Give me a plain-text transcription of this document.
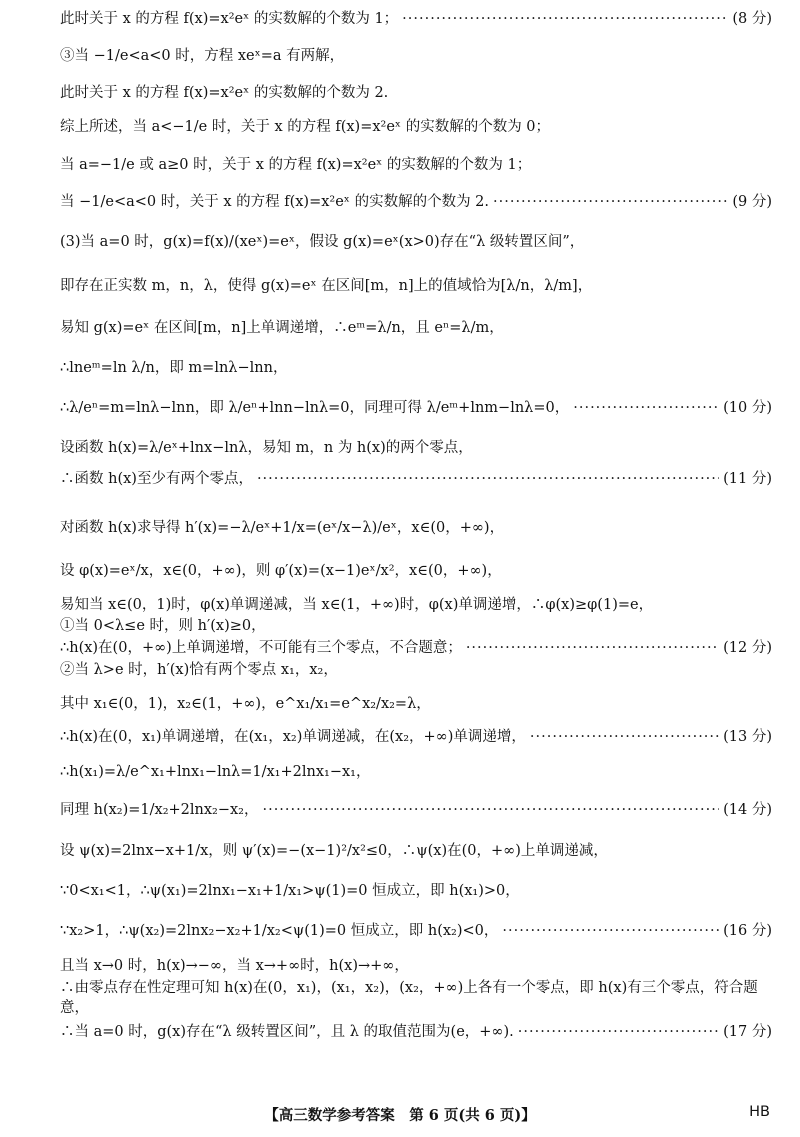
此时关于 x 的方程 f(x)=x²eˣ 的实数解的个数为 1； ·····	(8 分)
③当 −1/e<a<0 时，方程 xeˣ=a 有两解，
此时关于 x 的方程 f(x)=x²eˣ 的实数解的个数为 2.
综上所述，当 a<−1/e 时，关于 x 的方程 f(x)=x²eˣ 的实数解的个数为 0；
当 a=−1/e 或 a≥0 时，关于 x 的方程 f(x)=x²eˣ 的实数解的个数为 1；
当 −1/e<a<0 时，关于 x 的方程 f(x)=x²eˣ 的实数解的个数为 2. ·····	(9 分)
(3)当 a=0 时，g(x)=f(x)/(xeˣ)=eˣ，假设 g(x)=eˣ(x>0)存在“λ 级转置区间”，
即存在正实数 m，n，λ，使得 g(x)=eˣ 在区间[m，n]上的值域恰为[λ/n，λ/m]，
易知 g(x)=eˣ 在区间[m，n]上单调递增，∴eᵐ=λ/n，且 eⁿ=λ/m，
∴lneᵐ=ln λ/n，即 m=lnλ−lnn，
∴λ/eⁿ=m=lnλ−lnn，即 λ/eⁿ+lnn−lnλ=0，同理可得 λ/eᵐ+lnm−lnλ=0， ·····	(10 分)
设函数 h(x)=λ/eˣ+lnx−lnλ，易知 m，n 为 h(x)的两个零点，
∴函数 h(x)至少有两个零点， ·····	(11 分)
对函数 h(x)求导得 h′(x)=−λ/eˣ+1/x=(eˣ/x−λ)/eˣ，x∈(0，+∞)，
设 φ(x)=eˣ/x，x∈(0，+∞)，则 φ′(x)=(x−1)eˣ/x²，x∈(0，+∞)，
易知当 x∈(0，1)时，φ(x)单调递减，当 x∈(1，+∞)时，φ(x)单调递增，∴φ(x)≥φ(1)=e，
①当 0<λ≤e 时，则 h′(x)≥0，
∴h(x)在(0，+∞)上单调递增，不可能有三个零点，不合题意； ·····	(12 分)
②当 λ>e 时，h′(x)恰有两个零点 x₁，x₂，
其中 x₁∈(0，1)，x₂∈(1，+∞)，e^x₁/x₁=e^x₂/x₂=λ，
∴h(x)在(0，x₁)单调递增，在(x₁，x₂)单调递减，在(x₂，+∞)单调递增， ·····	(13 分)
∴h(x₁)=λ/e^x₁+lnx₁−lnλ=1/x₁+2lnx₁−x₁，
同理 h(x₂)=1/x₂+2lnx₂−x₂， ·····	(14 分)
设 ψ(x)=2lnx−x+1/x，则 ψ′(x)=−(x−1)²/x²≤0，∴ψ(x)在(0，+∞)上单调递减，
∵0<x₁<1，∴ψ(x₁)=2lnx₁−x₁+1/x₁>ψ(1)=0 恒成立，即 h(x₁)>0，
∵x₂>1，∴ψ(x₂)=2lnx₂−x₂+1/x₂<ψ(1)=0 恒成立，即 h(x₂)<0， ·····	(16 分)
且当 x→0 时，h(x)→−∞，当 x→+∞时，h(x)→+∞，
∴由零点存在性定理可知 h(x)在(0，x₁)，(x₁，x₂)，(x₂，+∞)上各有一个零点，即 h(x)有三个零点，符合题意，
∴当 a=0 时，g(x)存在“λ 级转置区间”，且 λ 的取值范围为(e，+∞). ·····	(17 分)
【高三数学参考答案　第 6 页(共 6 页)】	HB
